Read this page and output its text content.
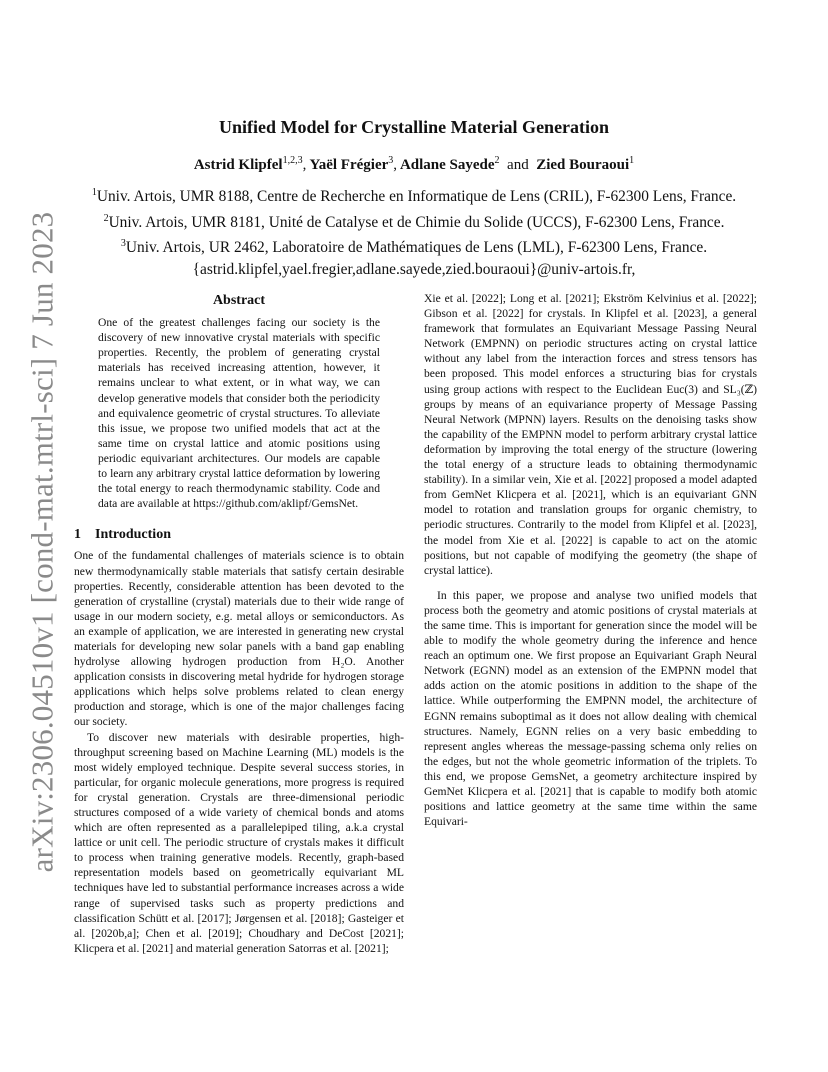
arXiv:2306.04510v1 [cond-mat.mtrl-sci] 7 Jun 2023
Unified Model for Crystalline Material Generation
Astrid Klipfel$^{1,2,3}$, Yaël Frégier$^3$, Adlane Sayede$^2$ and Zied Bouraoui$^1$
$^1$Univ. Artois, UMR 8188, Centre de Recherche en Informatique de Lens (CRIL), F-62300 Lens, France.
$^2$Univ. Artois, UMR 8181, Unité de Catalyse et de Chimie du Solide (UCCS), F-62300 Lens, France.
$^3$Univ. Artois, UR 2462, Laboratoire de Mathématiques de Lens (LML), F-62300 Lens, France.
{astrid.klipfel,yael.fregier,adlane.sayede,zied.bouraoui}@univ-artois.fr,
Abstract
One of the greatest challenges facing our society is the discovery of new innovative crystal materials with specific properties. Recently, the problem of generating crystal materials has received increasing attention, however, it remains unclear to what extent, or in what way, we can develop generative models that consider both the periodicity and equivalence geometric of crystal structures. To alleviate this issue, we propose two unified models that act at the same time on crystal lattice and atomic positions using periodic equivariant architectures. Our models are capable to learn any arbitrary crystal lattice deformation by lowering the total energy to reach thermodynamic stability. Code and data are available at https://github.com/aklipf/GemsNet.
1 Introduction

One of the fundamental challenges of materials science is to obtain new thermodynamically stable materials that satisfy certain desirable properties. Recently, considerable attention has been devoted to the generation of crystalline (crystal) materials due to their wide range of usage in our modern society, e.g. metal alloys or semiconductors. As an example of application, we are interested in generating new crystal materials for developing new solar panels with a band gap enabling hydrolyse allowing hydrogen production from H₂O. Another application consists in discovering metal hydride for hydrogen storage applications which helps solve problems related to clean energy production and storage, which is one of the major challenges facing our society.

To discover new materials with desirable properties, high-throughput screening based on Machine Learning (ML) models is the most widely employed technique. Despite several success stories, in particular, for organic molecule generations, more progress is required for crystal generation. Crystals are three-dimensional periodic structures composed of a wide variety of chemical bonds and atoms which are often represented as a parallelepiped tiling, a.k.a crystal lattice or unit cell. The periodic structure of crystals makes it difficult to process when training generative models. Recently, graph-based representation models based on geometrically equivariant ML techniques have led to substantial performance increases across a wide range of supervised tasks such as property predictions and classification Schütt et al. [2017]; Jørgensen et al. [2018]; Gasteiger et al. [2020b,a]; Chen et al. [2019]; Choudhary and DeCost [2021]; Klicpera et al. [2021] and material generation Satorras et al. [2021];

Xie et al. [2022]; Long et al. [2021]; Ekström Kelvinius et al. [2022]; Gibson et al. [2022] for crystals. In Klipfel et al. [2023], a general framework that formulates an Equivariant Message Passing Neural Network (EMPNN) on periodic structures acting on crystal lattice without any label from the interaction forces and stress tensors has been proposed. This model enforces a structuring bias for crystals using group actions with respect to the Euclidean Euc(3) and SL₃(ℤ) groups by means of an equivariance property of Message Passing Neural Network (MPNN) layers. Results on the denoising tasks show the capability of the EMPNN model to perform arbitrary crystal lattice deformation by improving the total energy of the structure (lowering the total energy of a structure leads to obtaining thermodynamic stability). In a similar vein, Xie et al. [2022] proposed a model adapted from GemNet Klicpera et al. [2021], which is an equivariant GNN model to rotation and translation groups for organic chemistry, to periodic structures. Contrarily to the model from Klipfel et al. [2023], the model from Xie et al. [2022] is capable to act on the atomic positions, but not capable of modifying the geometry (the shape of crystal lattice).

In this paper, we propose and analyse two unified models that process both the geometry and atomic positions of crystal materials at the same time. This is important for generation since the model will be able to modify the whole geometry during the inference and hence reach an optimum one. We first propose an Equivariant Graph Neural Network (EGNN) model as an extension of the EMPNN model that adds action on the atomic positions in addition to the shape of the lattice. While outperforming the EMPNN model, the architecture of EGNN remains suboptimal as it does not allow dealing with chemical structures. Namely, EGNN relies on a very basic embedding to represent angles whereas the message-passing schema only relies on the edges, but not the whole geometric information of the triplets. To this end, we propose GemsNet, a geometry architecture inspired by GemNet Klicpera et al. [2021] that is capable to modify both atomic positions and lattice geometry at the same time within the same Equivari-
